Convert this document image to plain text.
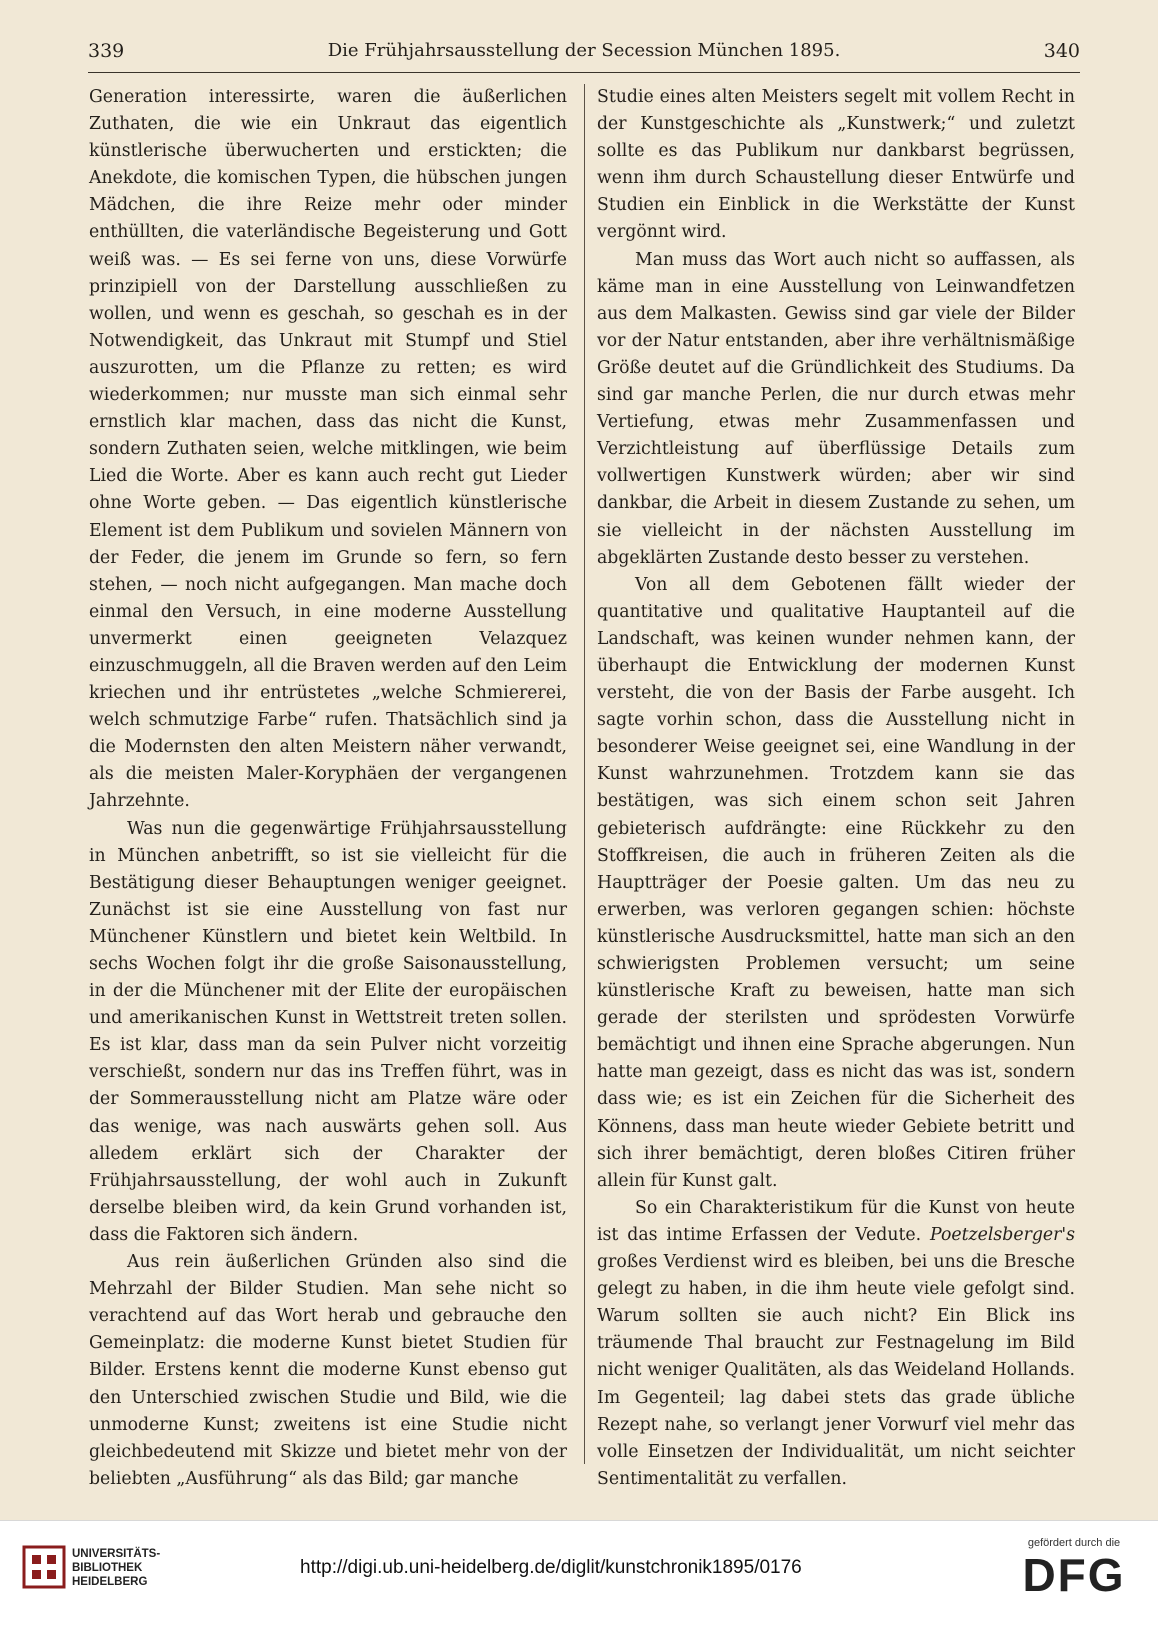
339	Die Frühjahrsausstellung der Secession München 1895.	340

Generation interessirte, waren die äußerlichen Zuthaten, die wie ein Unkraut das eigentlich künstlerische überwucherten und erstickten; die Anekdote, die komischen Typen, die hübschen jungen Mädchen, die ihre Reize mehr oder minder enthüllten, die vaterländische Begeisterung und Gott weiß was. — Es sei ferne von uns, diese Vorwürfe prinzipiell von der Darstellung ausschließen zu wollen, und wenn es geschah, so geschah es in der Notwendigkeit, das Unkraut mit Stumpf und Stiel auszurotten, um die Pflanze zu retten; es wird wiederkommen; nur musste man sich einmal sehr ernstlich klar machen, dass das nicht die Kunst, sondern Zuthaten seien, welche mitklingen, wie beim Lied die Worte. Aber es kann auch recht gut Lieder ohne Worte geben. — Das eigentlich künstlerische Element ist dem Publikum und sovielen Männern von der Feder, die jenem im Grunde so fern, so fern stehen, — noch nicht aufgegangen. Man mache doch einmal den Versuch, in eine moderne Ausstellung unvermerkt einen geeigneten Velazquez einzuschmuggeln, all die Braven werden auf den Leim kriechen und ihr entrüstetes „welche Schmiererei, welch schmutzige Farbe“ rufen. Thatsächlich sind ja die Modernsten den alten Meistern näher verwandt, als die meisten Maler-Koryphäen der vergangenen Jahrzehnte.

Was nun die gegenwärtige Frühjahrsausstellung in München anbetrifft, so ist sie vielleicht für die Bestätigung dieser Behauptungen weniger geeignet. Zunächst ist sie eine Ausstellung von fast nur Münchener Künstlern und bietet kein Weltbild. In sechs Wochen folgt ihr die große Saisonausstellung, in der die Münchener mit der Elite der europäischen und amerikanischen Kunst in Wettstreit treten sollen. Es ist klar, dass man da sein Pulver nicht vorzeitig verschießt, sondern nur das ins Treffen führt, was in der Sommerausstellung nicht am Platze wäre oder das wenige, was nach auswärts gehen soll. Aus alledem erklärt sich der Charakter der Frühjahrsausstellung, der wohl auch in Zukunft derselbe bleiben wird, da kein Grund vorhanden ist, dass die Faktoren sich ändern.

Aus rein äußerlichen Gründen also sind die Mehrzahl der Bilder Studien. Man sehe nicht so verachtend auf das Wort herab und gebrauche den Gemeinplatz: die moderne Kunst bietet Studien für Bilder. Erstens kennt die moderne Kunst ebenso gut den Unterschied zwischen Studie und Bild, wie die unmoderne Kunst; zweitens ist eine Studie nicht gleichbedeutend mit Skizze und bietet mehr von der beliebten „Ausführung“ als das Bild; gar manche

Studie eines alten Meisters segelt mit vollem Recht in der Kunstgeschichte als „Kunstwerk;“ und zuletzt sollte es das Publikum nur dankbarst begrüssen, wenn ihm durch Schaustellung dieser Entwürfe und Studien ein Einblick in die Werkstätte der Kunst vergönnt wird.

Man muss das Wort auch nicht so auffassen, als käme man in eine Ausstellung von Leinwandfetzen aus dem Malkasten. Gewiss sind gar viele der Bilder vor der Natur entstanden, aber ihre verhältnismäßige Größe deutet auf die Gründlichkeit des Studiums. Da sind gar manche Perlen, die nur durch etwas mehr Vertiefung, etwas mehr Zusammenfassen und Verzichtleistung auf überflüssige Details zum vollwertigen Kunstwerk würden; aber wir sind dankbar, die Arbeit in diesem Zustande zu sehen, um sie vielleicht in der nächsten Ausstellung im abgeklärten Zustande desto besser zu verstehen.

Von all dem Gebotenen fällt wieder der quantitative und qualitative Hauptanteil auf die Landschaft, was keinen wunder nehmen kann, der überhaupt die Entwicklung der modernen Kunst versteht, die von der Basis der Farbe ausgeht. Ich sagte vorhin schon, dass die Ausstellung nicht in besonderer Weise geeignet sei, eine Wandlung in der Kunst wahrzunehmen. Trotzdem kann sie das bestätigen, was sich einem schon seit Jahren gebieterisch aufdrängte: eine Rückkehr zu den Stoffkreisen, die auch in früheren Zeiten als die Hauptträger der Poesie galten. Um das neu zu erwerben, was verloren gegangen schien: höchste künstlerische Ausdrucksmittel, hatte man sich an den schwierigsten Problemen versucht; um seine künstlerische Kraft zu beweisen, hatte man sich gerade der sterilsten und sprödesten Vorwürfe bemächtigt und ihnen eine Sprache abgerungen. Nun hatte man gezeigt, dass es nicht das was ist, sondern dass wie; es ist ein Zeichen für die Sicherheit des Könnens, dass man heute wieder Gebiete betritt und sich ihrer bemächtigt, deren bloßes Citiren früher allein für Kunst galt.

So ein Charakteristikum für die Kunst von heute ist das intime Erfassen der Vedute. Poetzelsberger's großes Verdienst wird es bleiben, bei uns die Bresche gelegt zu haben, in die ihm heute viele gefolgt sind. Warum sollten sie auch nicht? Ein Blick ins träumende Thal braucht zur Festnagelung im Bild nicht weniger Qualitäten, als das Weideland Hollands. Im Gegenteil; lag dabei stets das grade übliche Rezept nahe, so verlangt jener Vorwurf viel mehr das volle Einsetzen der Individualität, um nicht seichter Sentimentalität zu verfallen.

UNIVERSITÄTS-
BIBLIOTHEK
HEIDELBERG
http://digi.ub.uni-heidelberg.de/diglit/kunstchronik1895/0176
gefördert durch die
DFG
